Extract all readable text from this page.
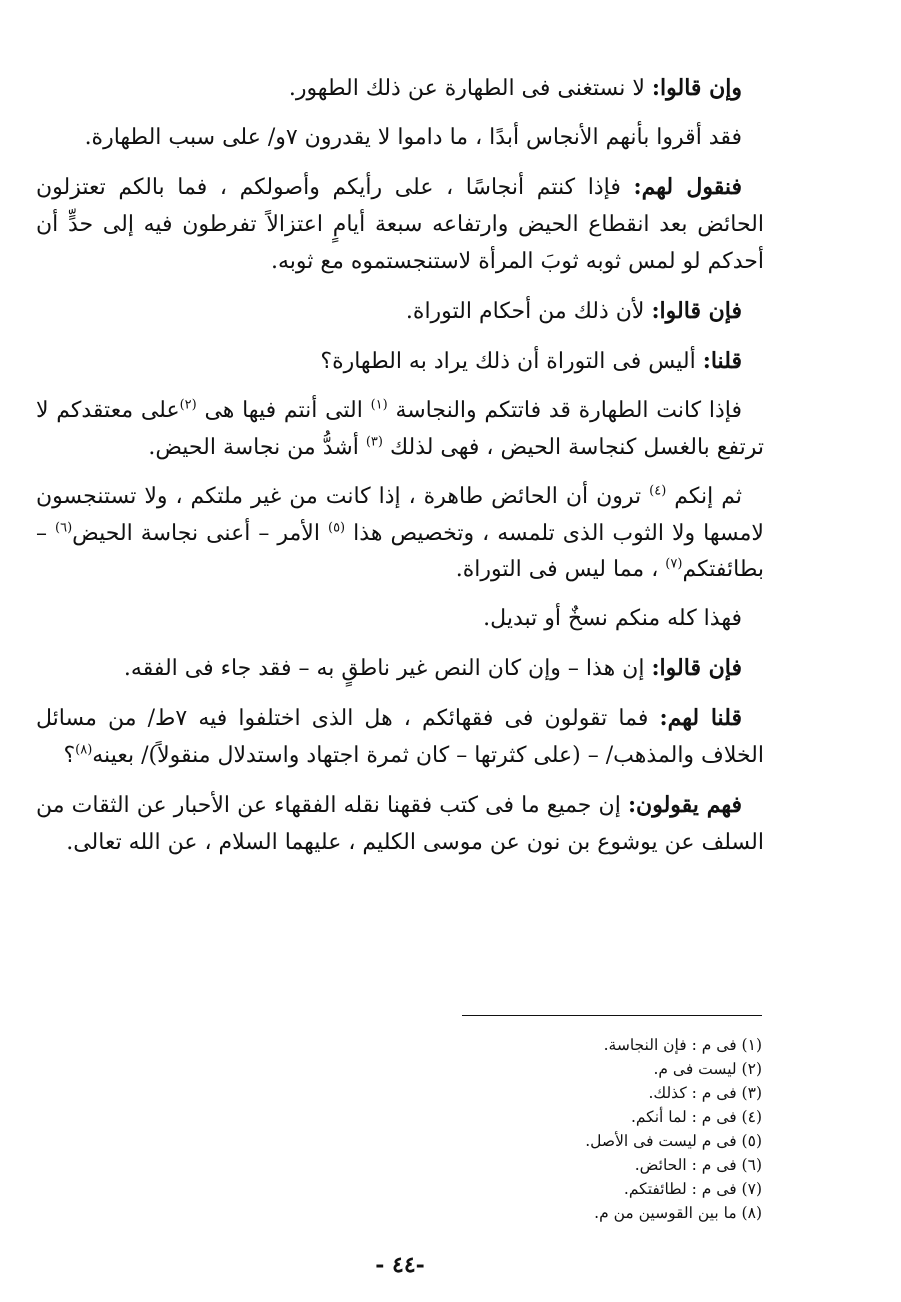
وإن قالوا: لا نستغنى فى الطهارة عن ذلك الطهور.

فقد أقروا بأنهم الأنجاس أبدًا ، ما داموا لا يقدرون ٧و/ على سبب الطهارة.

فنقول لهم: فإذا كنتم أنجاسًا ، على رأيكم وأصولكم ، فما بالكم تعتزلون الحائض بعد انقطاع الحيض وارتفاعه سبعة أيامٍ اعتزالاً تفرطون فيه إلى حدٍّ أن أحدكم لو لمس ثوبه ثوبَ المرأة لاستنجستموه مع ثوبه.

فإن قالوا: لأن ذلك من أحكام التوراة.

قلنا: أليس فى التوراة أن ذلك يراد به الطهارة؟

فإذا كانت الطهارة قد فاتتكم والنجاسة $^{(١)}$ التى أنتم فيها هى $^{(٢)}$على معتقدكم لا ترتفع بالغسل كنجاسة الحيض ، فهى لذلك $^{(٣)}$ أشدُّ من نجاسة الحيض.

ثم إنكم $^{(٤)}$ ترون أن الحائض طاهرة ، إذا كانت من غير ملتكم ، ولا تستنجسون لامسها ولا الثوب الذى تلمسه ، وتخصيص هذا $^{(٥)}$ الأمر – أعنى نجاسة الحيض$^{(٦)}$ – بطائفتكم$^{(٧)}$ ، مما ليس فى التوراة.

فهذا كله منكم نسخٌ أو تبديل.

فإن قالوا: إن هذا – وإن كان النص غير ناطقٍ به – فقد جاء فى الفقه.

قلنا لهم: فما تقولون فى فقهائكم ، هل الذى اختلفوا فيه ٧ط/ من مسائل الخلاف والمذهب/ – (على كثرتها – كان ثمرة اجتهاد واستدلال منقولاً)/ بعينه$^{(٨)}$؟

فهم يقولون: إن جميع ما فى كتب فقهنا نقله الفقهاء عن الأحبار عن الثقات من السلف عن يوشوع بن نون عن موسى الكليم ، عليهما السلام ، عن الله تعالى.

(١) فى م : فإن النجاسة.
(٢) ليست فى م.
(٣) فى م : كذلك.
(٤) فى م : لما أنكم.
(٥) فى م ليست فى الأصل.
(٦) فى م : الحائض.
(٧) فى م : لطائفتكم.
(٨) ما بين القوسين من م.
-٤٤ -
